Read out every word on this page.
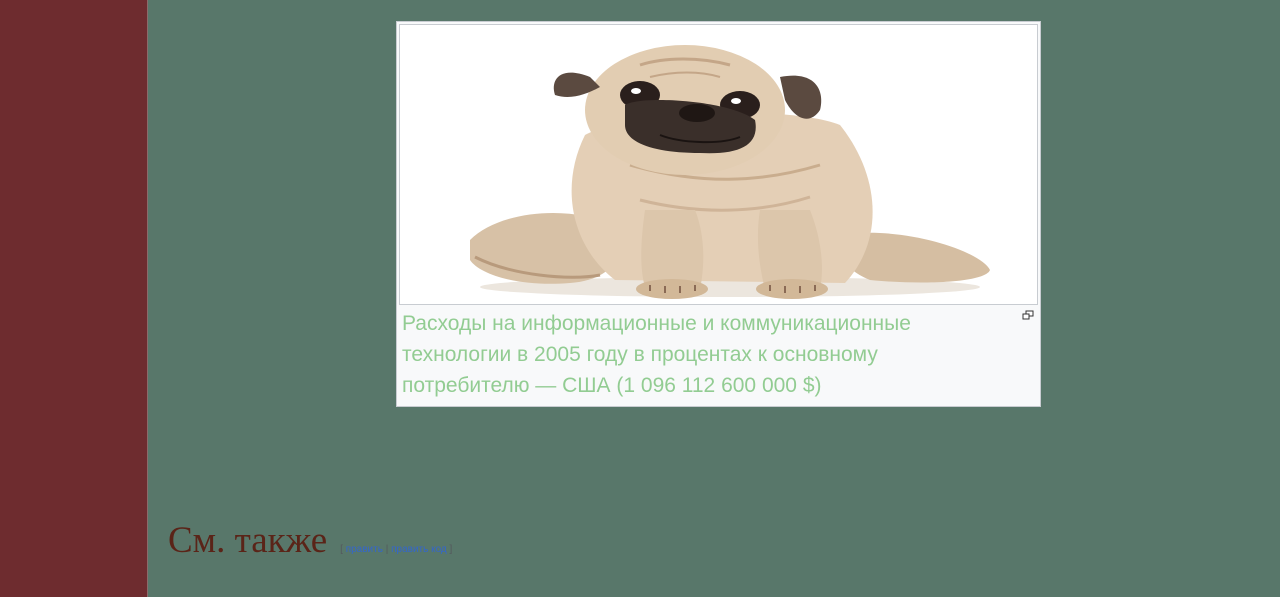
Расходы на информационные и коммуникационные технологии в 2005 году в процентах к основному потребителю — США (1 096 112 600 000 $)
См. также [ править | править код ]
